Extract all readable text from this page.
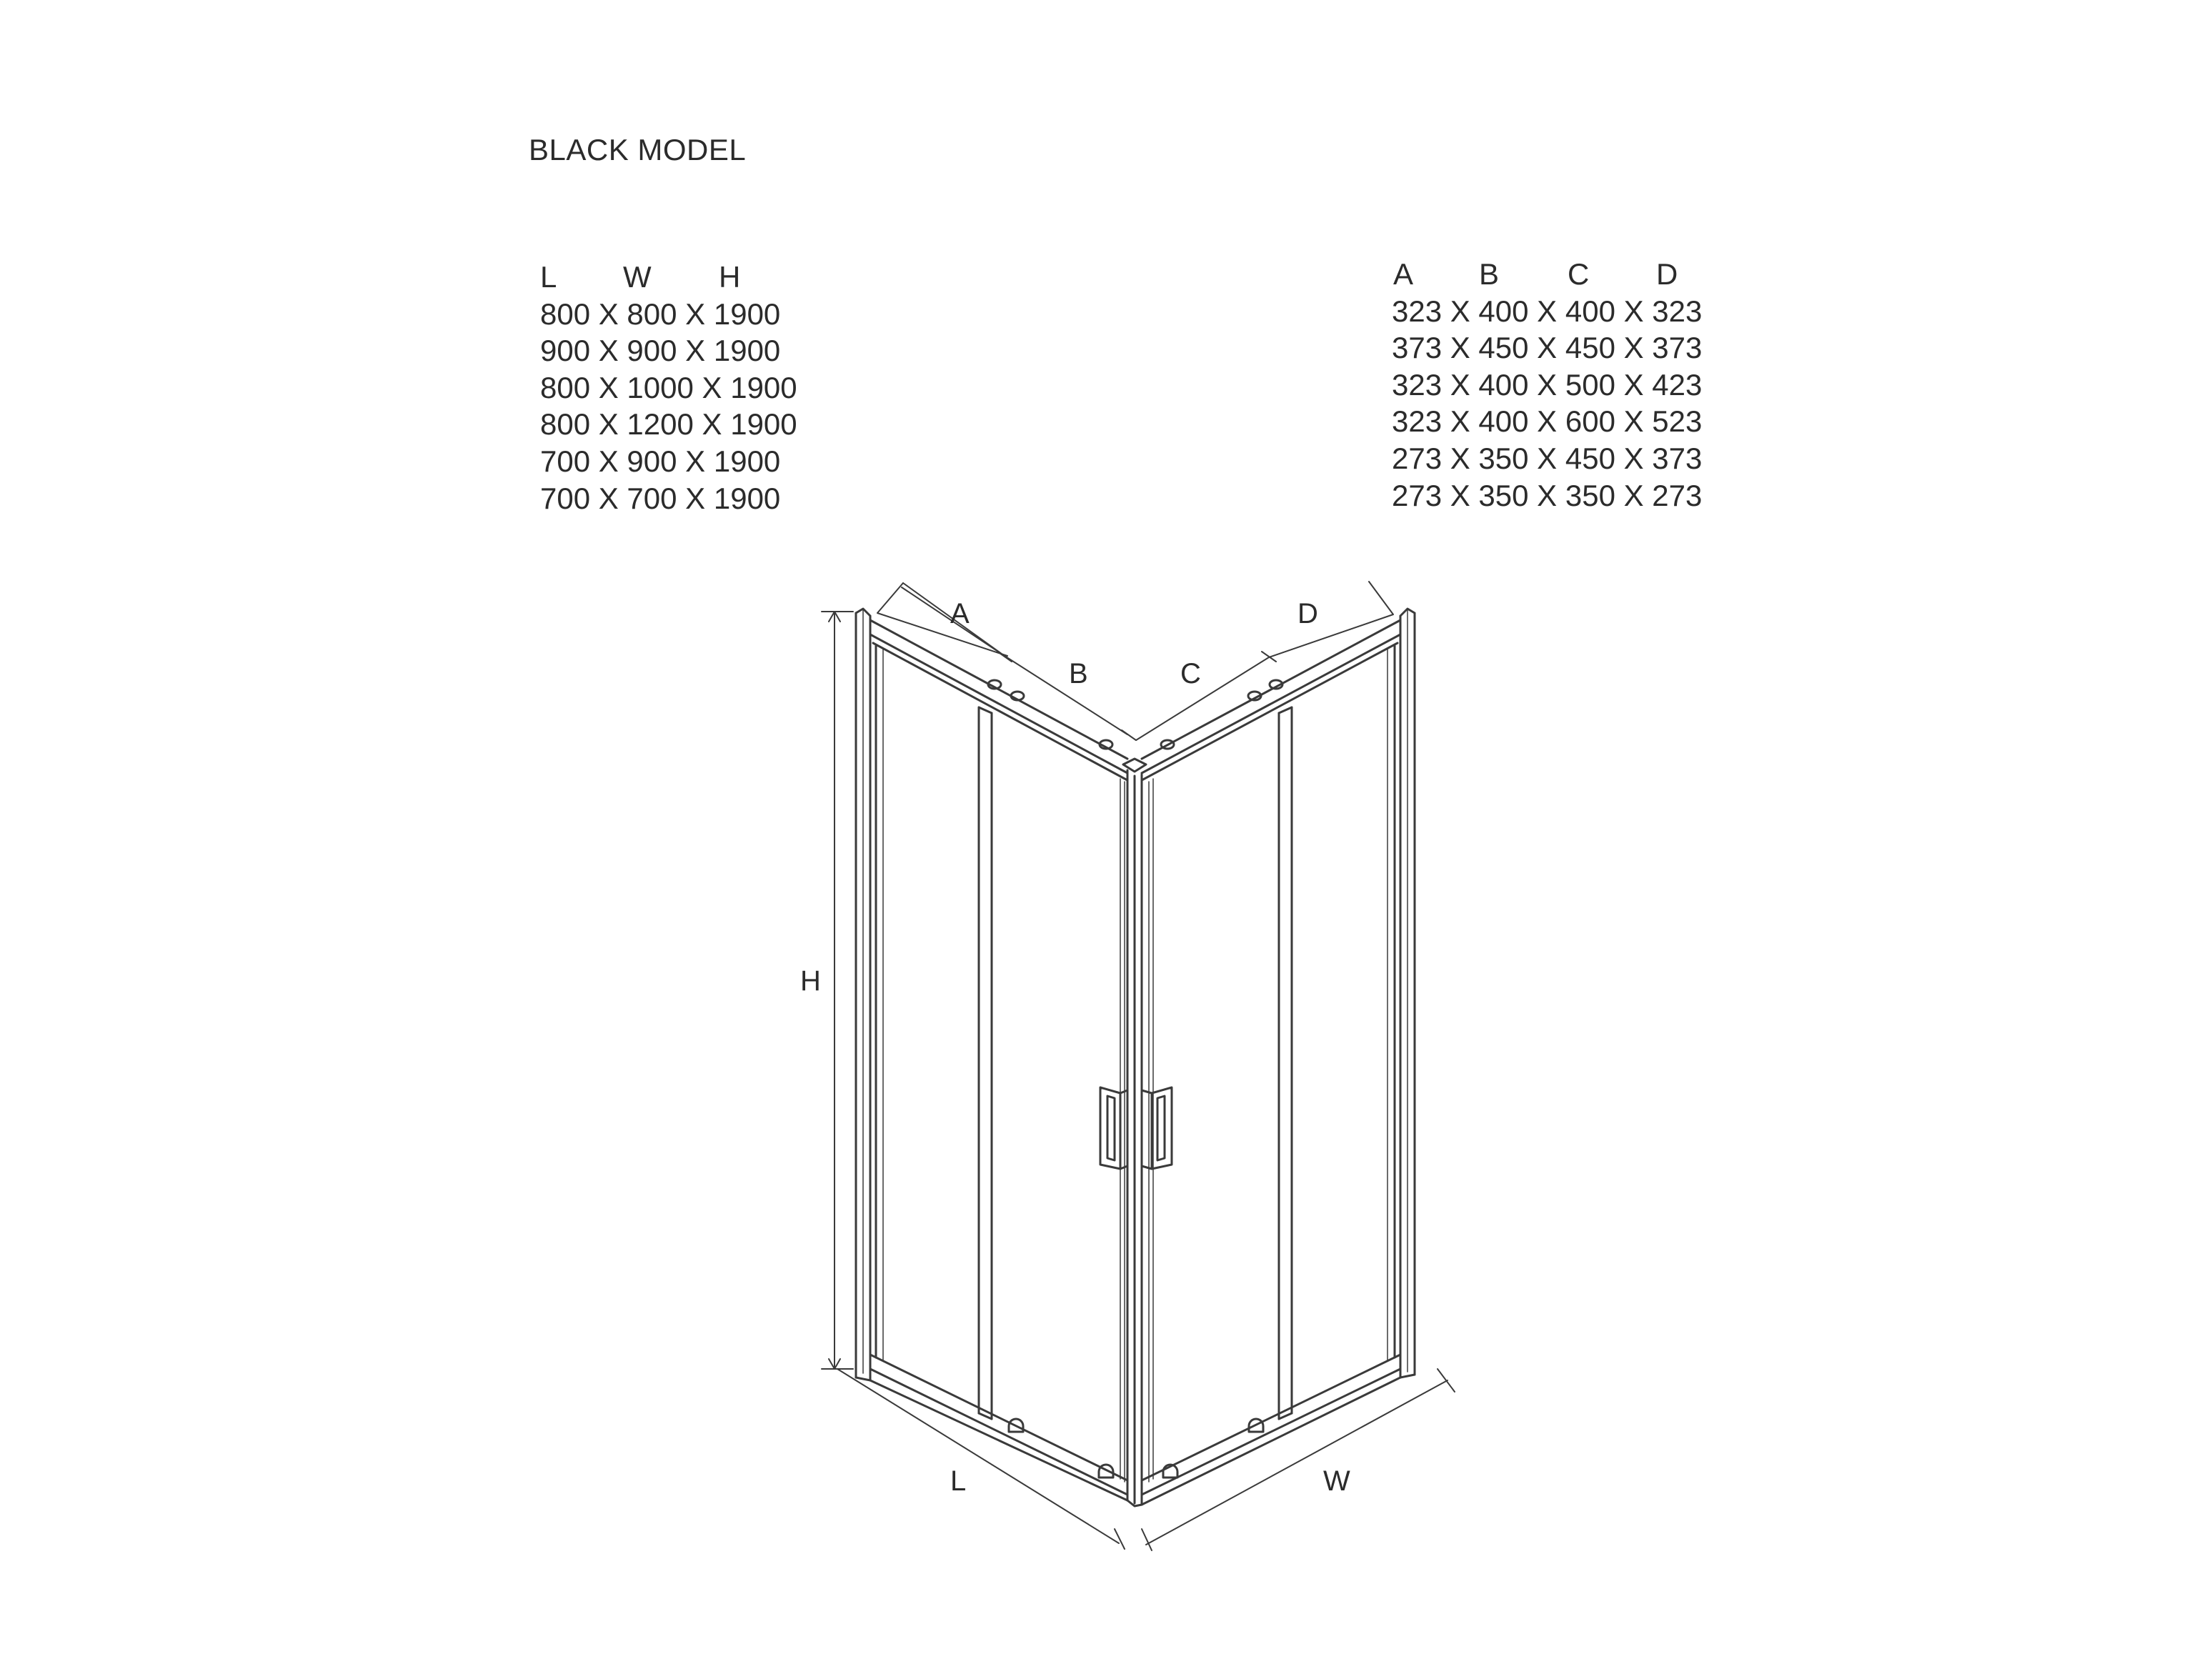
BLACK MODEL
L W H
800 X 800 X 1900
900 X 900 X 1900
800 X 1000 X 1900
800 X 1200 X 1900
700 X 900 X 1900
700 X 700 X 1900
A B C D
323 X 400 X 400 X 323
373 X 450 X 450 X 373
323 X 400 X 500 X 423
323 X 400 X 600 X 523
273 X 350 X 450 X 373
273 X 350 X 350 X 273
A
B	C
D
H
L	W
